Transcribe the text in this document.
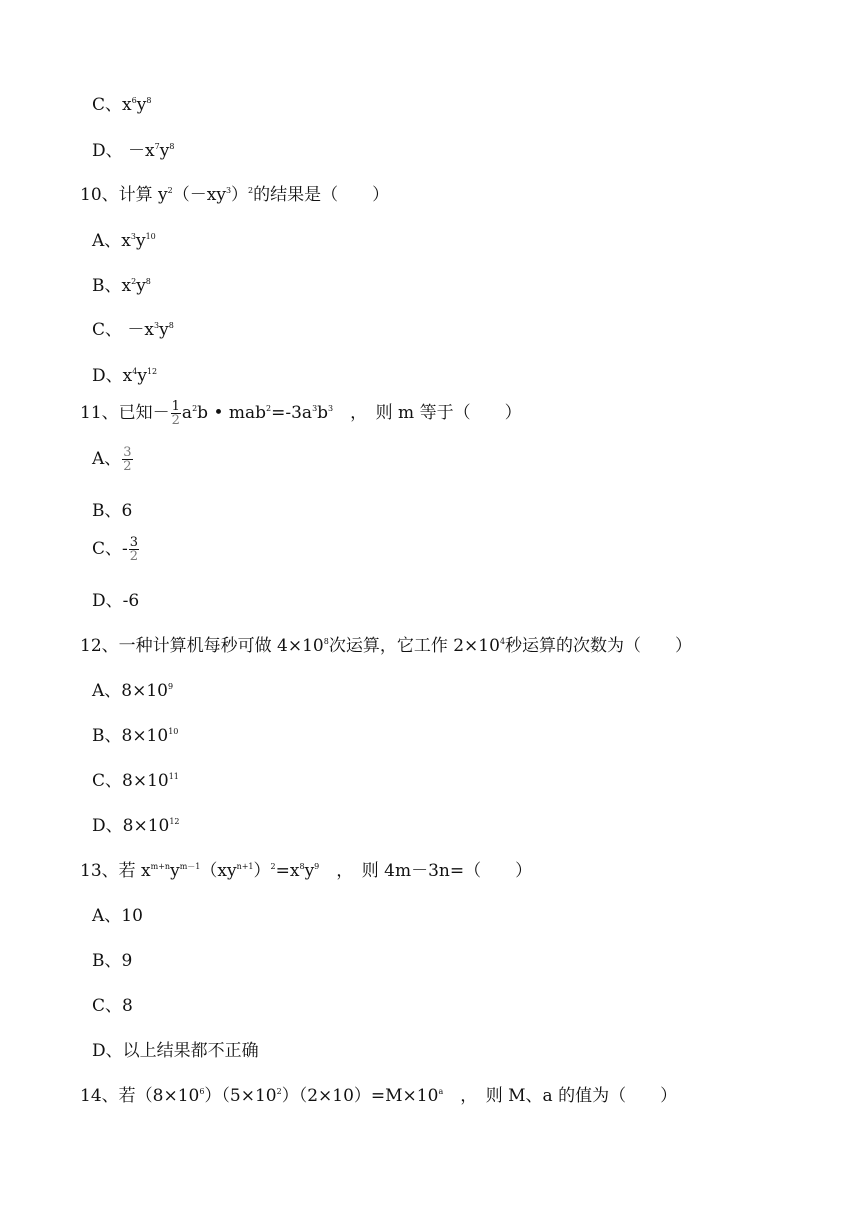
C、$x^6y^8$
D、 $-x^7y^8$
10、计算 $y^2(-xy^3)^2$的结果是（　　）
A、$x^3y^{10}$
B、$x^2y^8$
C、 $-x^3y^8$
D、$x^4y^{12}$
11、已知－ $\frac{1}{2} a^2b$ • $mab^2=-3a^3b^3$　，　则 m 等于（　　）
A、 $\frac{3}{2}$
B、6
C、- $\frac{3}{2}$
D、-6
12、一种计算机每秒可做 $4\times 10^8$次运算，它工作 $2\times 10^4$秒运算的次数为（　　）
A、$8\times 10^9$
B、$8\times 10^{10}$
C、$8\times 10^{11}$
D、$8\times 10^{12}$
13、若 $x^{m+n}y^{m-1}(xy^{n+1})^2=x^8y^9$　，　则 4m－3n=（　　）
A、10
B、9
C、8
D、以上结果都不正确
14、若$(8\times 10^6)(5\times 10^2)(2\times 10)=M\times 10^a$　，　则 M、a 的值为（　　）
